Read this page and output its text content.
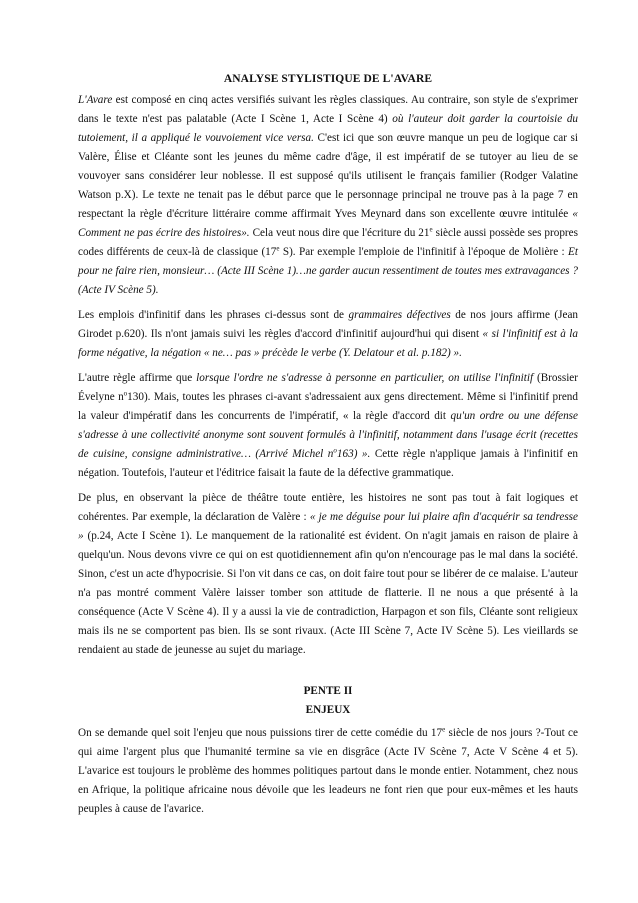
ANALYSE STYLISTIQUE DE L'AVARE

L'Avare est composé en cinq actes versifiés suivant les règles classiques. Au contraire, son style de s'exprimer dans le texte n'est pas palatable (Acte I Scène 1, Acte I Scène 4) où l'auteur doit garder la courtoisie du tutoiement, il a appliqué le vouvoiement vice versa. C'est ici que son œuvre manque un peu de logique car si Valère, Élise et Cléante sont les jeunes du même cadre d'âge, il est impératif de se tutoyer au lieu de se vouvoyer sans considérer leur noblesse. Il est supposé qu'ils utilisent le français familier (Rodger Valatine Watson p.X). Le texte ne tenait pas le début parce que le personnage principal ne trouve pas à la page 7 en respectant la règle d'écriture littéraire comme affirmait Yves Meynard dans son excellente œuvre intitulée « Comment ne pas écrire des histoires». Cela veut nous dire que l'écriture du 21e siècle aussi possède ses propres codes différents de ceux-là de classique (17e S). Par exemple l'emploie de l'infinitif à l'époque de Molière : Et pour ne faire rien, monsieur… (Acte III Scène 1)…ne garder aucun ressentiment de toutes mes extravagances ? (Acte IV Scène 5).

Les emplois d'infinitif dans les phrases ci-dessus sont de grammaires défectives de nos jours affirme (Jean Girodet p.620). Ils n'ont jamais suivi les règles d'accord d'infinitif aujourd'hui qui disent « si l'infinitif est à la forme négative, la négation « ne… pas » précède le verbe (Y. Delatour et al. p.182) ».

L'autre règle affirme que lorsque l'ordre ne s'adresse à personne en particulier, on utilise l'infinitif (Brossier Évelyne $n^o130$). Mais, toutes les phrases ci-avant s'adressaient aux gens directement. Même si l'infinitif prend la valeur d'impératif dans les concurrents de l'impératif, « la règle d'accord dit qu'un ordre ou une défense s'adresse à une collectivité anonyme sont souvent formulés à l'infinitif, notamment dans l'usage écrit (recettes de cuisine, consigne administrative… (Arrivé Michel $n^o163$) ». Cette règle n'applique jamais à l'infinitif en négation. Toutefois, l'auteur et l'éditrice faisait la faute de la défective grammatique.

De plus, en observant la pièce de théâtre toute entière, les histoires ne sont pas tout à fait logiques et cohérentes. Par exemple, la déclaration de Valère : « je me déguise pour lui plaire afin d'acquérir sa tendresse » (p.24, Acte I Scène 1). Le manquement de la rationalité est évident. On n'agit jamais en raison de plaire à quelqu'un. Nous devons vivre ce qui on est quotidiennement afin qu'on n'encourage pas le mal dans la société. Sinon, c'est un acte d'hypocrisie. Si l'on vit dans ce cas, on doit faire tout pour se libérer de ce malaise. L'auteur n'a pas montré comment Valère laisser tomber son attitude de flatterie. Il ne nous a que présenté à la conséquence (Acte V Scène 4). Il y a aussi la vie de contradiction, Harpagon et son fils, Cléante sont religieux mais ils ne se comportent pas bien. Ils se sont rivaux. (Acte III Scène 7, Acte IV Scène 5). Les vieillards se rendaient au stade de jeunesse au sujet du mariage.

PENTE II
ENJEUX

On se demande quel soit l'enjeu que nous puissions tirer de cette comédie du 17e siècle de nos jours ?-Tout ce qui aime l'argent plus que l'humanité termine sa vie en disgrâce (Acte IV Scène 7, Acte V Scène 4 et 5). L'avarice est toujours le problème des hommes politiques partout dans le monde entier. Notamment, chez nous en Afrique, la politique africaine nous dévoile que les leadeurs ne font rien que pour eux-mêmes et les hauts peuples à cause de l'avarice.
